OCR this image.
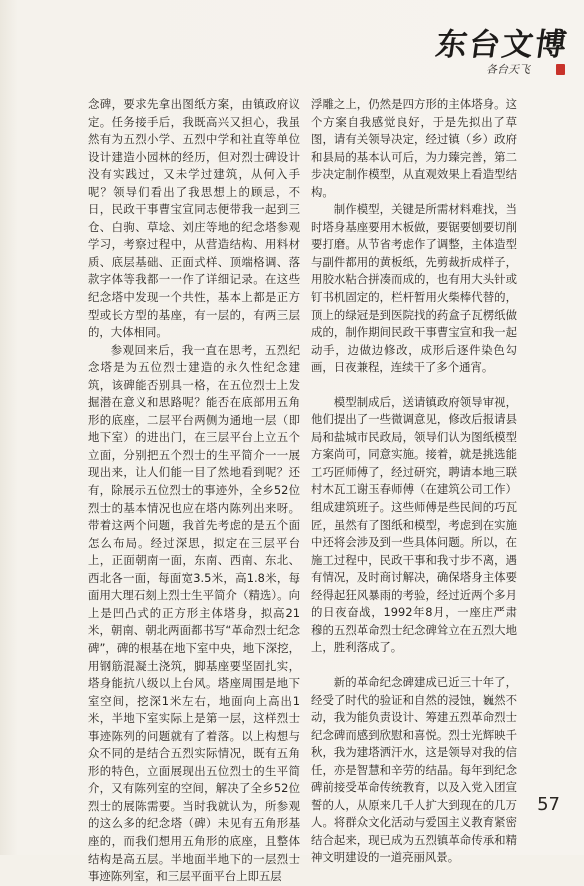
东台文博
各台天飞

念碑，要求先拿出图纸方案，由镇政府议定。任务接手后，我既高兴又担心，我虽然有为五烈小学、五烈中学和社直等单位设计建造小园林的经历，但对烈士碑设计没有实践过，又未学过建筑，从何入手呢？领导们看出了我思想上的顾忌，不日，民政干事曹宝宣同志便带我一起到三仓、白驹、草埝、刘庄等地的纪念塔参观学习，考察过程中，从营造结构、用料材质、底层基础、正面式样、顶端格调、落款字体等我都一一作了详细记录。在这些纪念塔中发现一个共性，基本上都是正方型或长方型的基座，有一层的，有两三层的，大体相同。

参观回来后，我一直在思考，五烈纪念塔是为五位烈士建造的永久性纪念建筑，该碑能否别具一格，在五位烈士上发掘潜在意义和思路呢？能否在底部用五角形的底座，二层平台两侧为通地一层（即地下室）的进出门，在三层平台上立五个立面，分别把五个烈士的生平简介一一展现出来，让人们能一目了然地看到呢？还有，除展示五位烈士的事迹外，全乡52位烈士的基本情况也应在塔内陈列出来呀。带着这两个问题，我首先考虑的是五个面怎么布局。经过深思，拟定在三层平台上，正面朝南一面，东南、西南、东北、西北各一面，每面宽3.5米，高1.8米，每面用大理石刻上烈士生平简介（精选）。向上是凹凸式的正方形主体塔身，拟高21米，朝南、朝北两面都书写“革命烈士纪念碑”，碑的根基在地下室中央，地下深挖，用钢筋混凝土浇筑，脚基座要坚固扎实，塔身能抗八级以上台风。塔座周围是地下室空间，挖深1米左右，地面向上高出1米，半地下室实际上是第一层，这样烈士事迹陈列的问题就有了着落。以上构想与众不同的是结合五烈实际情况，既有五角形的特色，立面展现出五位烈士的生平简介，又有陈列室的空间，解决了全乡52位烈士的展陈需要。当时我就认为，所参观的这么多的纪念塔（碑）未见有五角形基座的，而我们想用五角形的底座，且整体结构是高五层。半地面半地下的一层烈士事迹陈列室，和三层平面平台上即五层

浮雕之上，仍然是四方形的主体塔身。这个方案自我感觉良好，于是先拟出了草图，请有关领导决定，经过镇（乡）政府和县局的基本认可后，为力臻完善，第二步决定制作模型，从直观效果上看造型结构。

制作模型，关键是所需材料难找，当时塔身基座要用木板做，要锯要刨要切削要打磨。从节省考虑作了调整，主体造型与副件都用的黄板纸，先剪裁折成样子，用胶水粘合拼凑而成的，也有用大头针或钉书机固定的，栏杆暂用火柴棒代替的，顶上的绿冠是到医院找的药盒子瓦楞纸做成的，制作期间民政干事曹宝宣和我一起动手，边做边修改，成形后逐件染色勾画，日夜兼程，连续干了多个通宵。

模型制成后，送请镇政府领导审视，他们提出了一些微调意见，修改后报请县局和盐城市民政局，领导们认为图纸模型方案尚可，同意实施。接着，就是挑选能工巧匠师傅了，经过研究，聘请本地三联村木瓦工谢玉春师傅（在建筑公司工作）组成建筑班子。这些师傅是些民间的巧瓦匠，虽然有了图纸和模型，考虑到在实施中还将会涉及到一些具体问题。所以，在施工过程中，民政干事和我寸步不离，遇有情况，及时商讨解决，确保塔身主体要经得起狂风暴雨的考验，经过近两个多月的日夜奋战，1992年8月，一座庄严肃穆的五烈革命烈士纪念碑耸立在五烈大地上，胜利落成了。

新的革命纪念碑建成已近三十年了，经受了时代的验证和自然的浸蚀，巍然不动，我为能负责设计、筹建五烈革命烈士纪念碑而感到欣慰和喜悦。烈士光辉映千秋，我为建塔洒汗水，这是领导对我的信任，亦是智慧和辛劳的结晶。每年到纪念碑前接受革命传统教育，以及入党入团宣誓的人，从原来几千人扩大到现在的几万人。将群众文化活动与爱国主义教育紧密结合起来，现已成为五烈镇革命传承和精神文明建设的一道亮丽风景。

57
